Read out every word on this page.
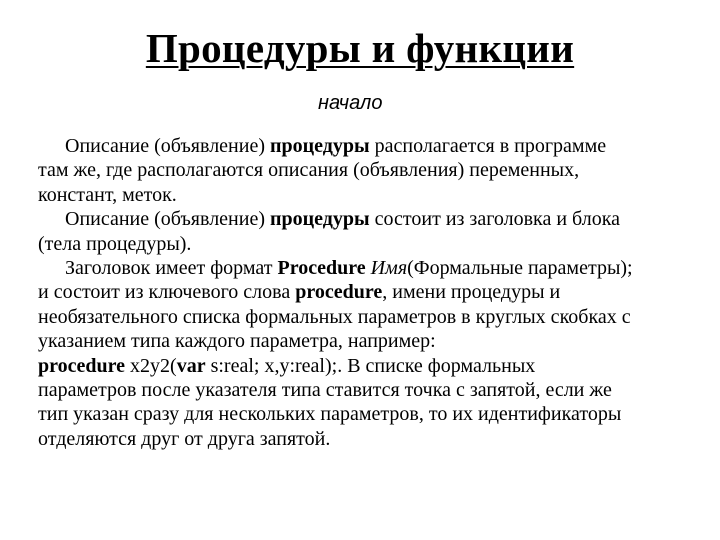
Процедуры и функции
начало
Описание (объявление) процедуры располагается в программе
там же, где располагаются описания (объявления) переменных,
констант, меток.
Описание (объявление) процедуры состоит из заголовка и блока
(тела процедуры).
Заголовок имеет формат Procedure Имя(Формальные параметры);
и состоит из ключевого слова procedure, имени процедуры и
необязательного списка формальных параметров в круглых скобках с
указанием типа каждого параметра, например:
procedure x2y2(var s:real; x,y:real);. В списке формальных
параметров после указателя типа ставится точка с запятой, если же
тип указан сразу для нескольких параметров, то их идентификаторы
отделяются друг от друга запятой.
